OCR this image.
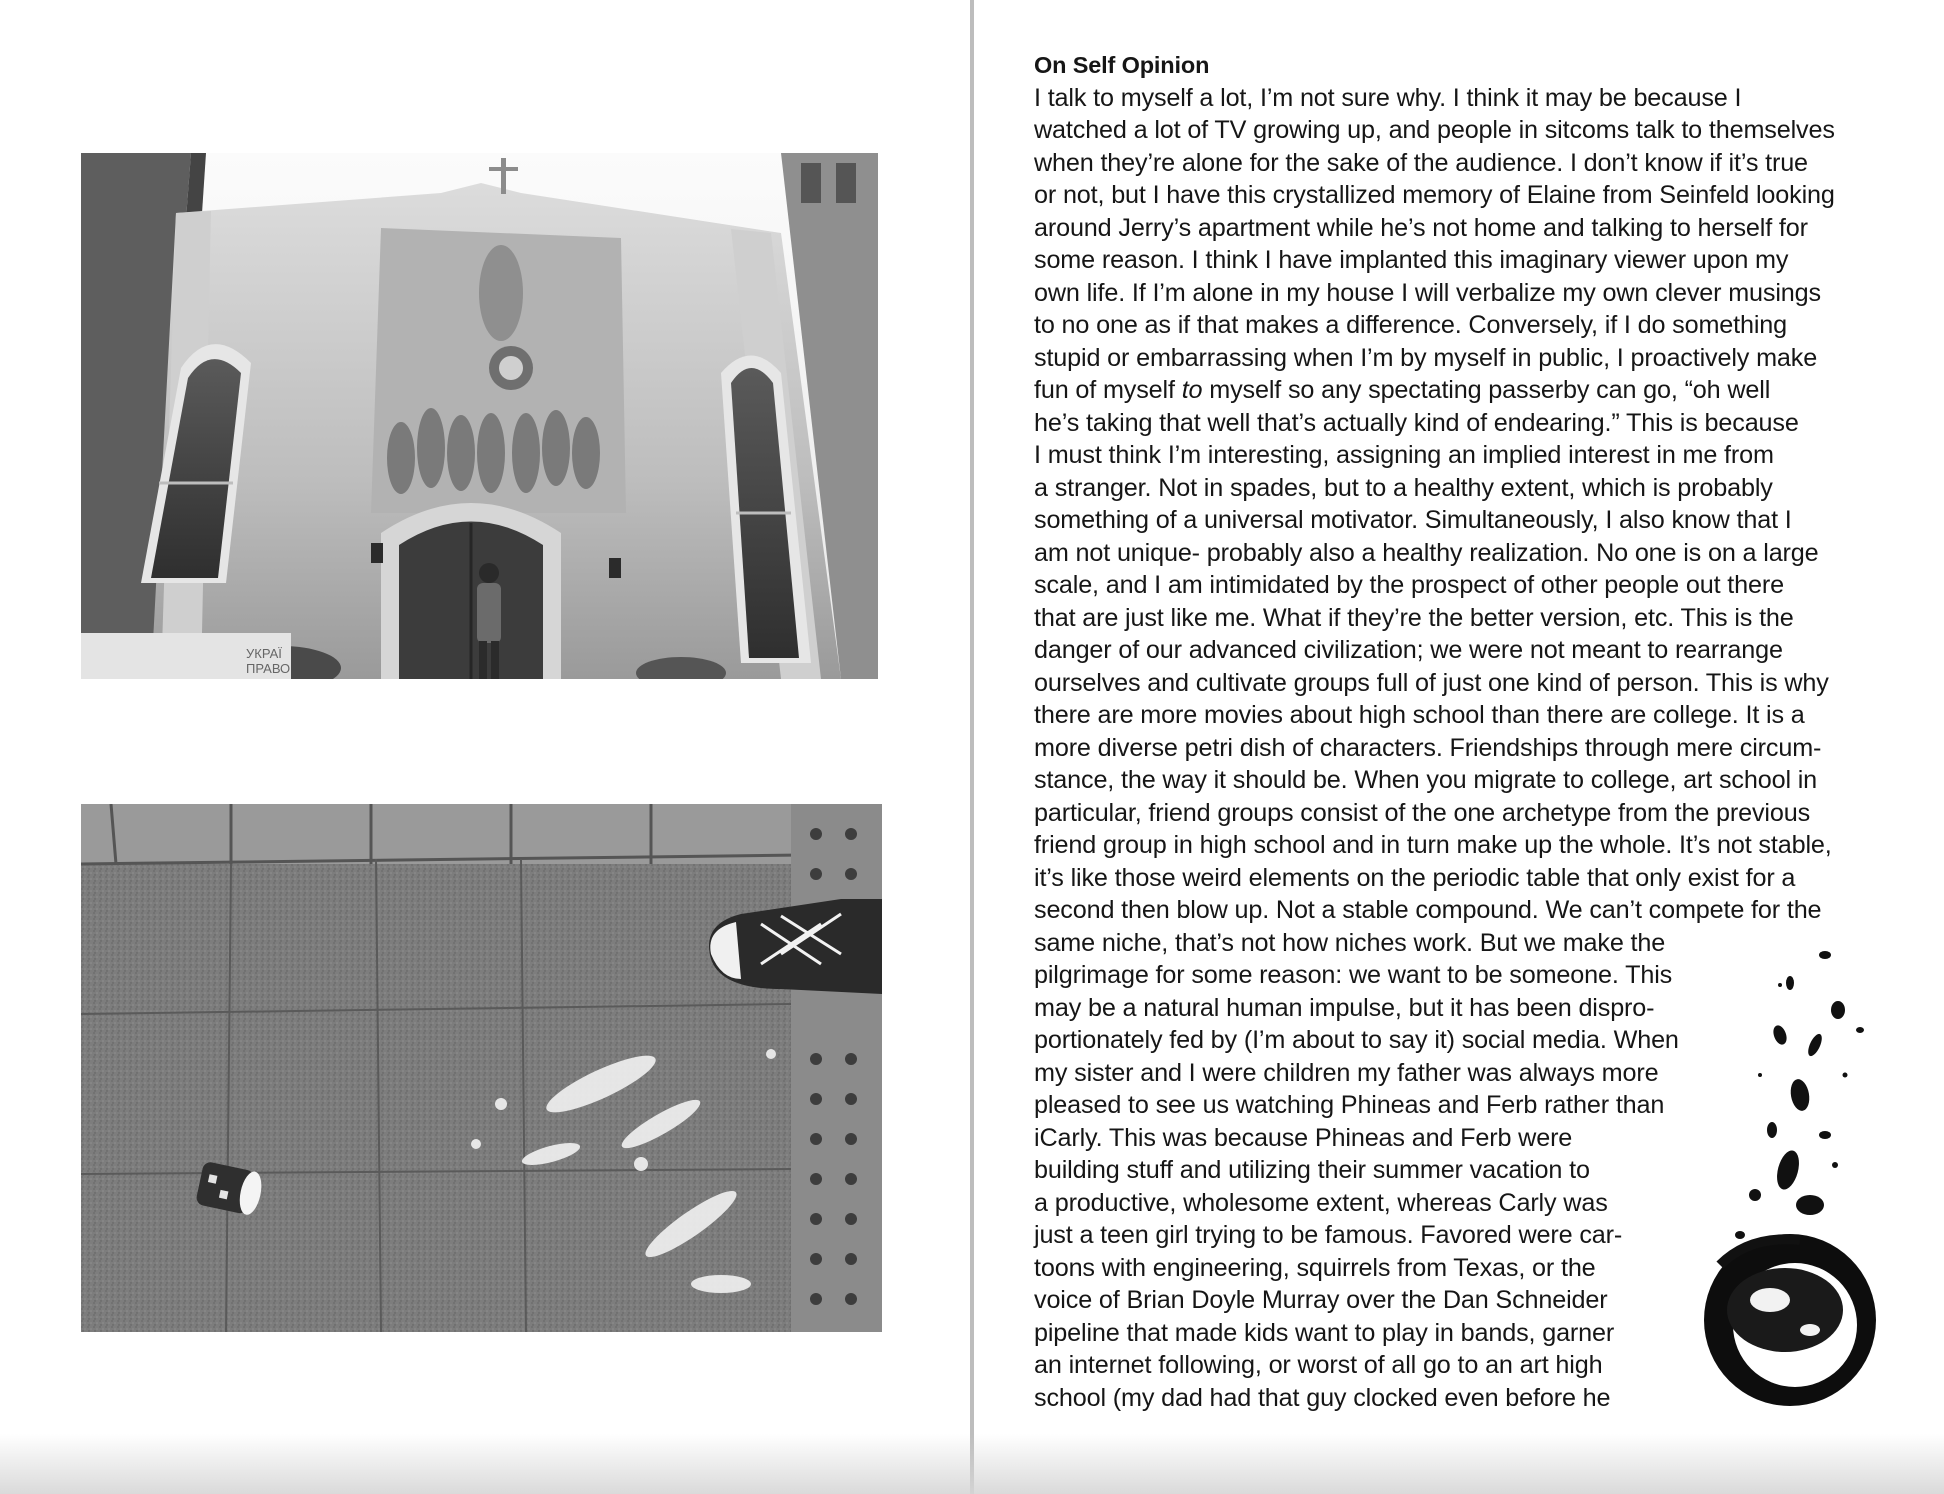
УКРАЇ
ПРАВО
On Self Opinion
I talk to myself a lot, I’m not sure why. I think it may be because I
watched a lot of TV growing up, and people in sitcoms talk to themselves
when they’re alone for the sake of the audience. I don’t know if it’s true
or not, but I have this crystallized memory of Elaine from Seinfeld looking
around Jerry’s apartment while he’s not home and talking to herself for
some reason. I think I have implanted this imaginary viewer upon my
own life. If I’m alone in my house I will verbalize my own clever musings
to no one as if that makes a difference. Conversely, if I do something
stupid or embarrassing when I’m by myself in public, I proactively make
fun of myself to myself so any spectating passerby can go, “oh well
he’s taking that well that’s actually kind of endearing.” This is because
I must think I’m interesting, assigning an implied interest in me from
a stranger. Not in spades, but to a healthy extent, which is probably
something of a universal motivator. Simultaneously, I also know that I
am not unique- probably also a healthy realization. No one is on a large
scale, and I am intimidated by the prospect of other people out there
that are just like me. What if they’re the better version, etc. This is the
danger of our advanced civilization; we were not meant to rearrange
ourselves and cultivate groups full of just one kind of person. This is why
there are more movies about high school than there are college. It is a
more diverse petri dish of characters. Friendships through mere circum-
stance, the way it should be. When you migrate to college, art school in
particular, friend groups consist of the one archetype from the previous
friend group in high school and in turn make up the whole. It’s not stable,
it’s like those weird elements on the periodic table that only exist for a
second then blow up. Not a stable compound. We can’t compete for the
same niche, that’s not how niches work. But we make the
pilgrimage for some reason: we want to be someone. This
may be a natural human impulse, but it has been dispro-
portionately fed by (I’m about to say it) social media. When
my sister and I were children my father was always more
pleased to see us watching Phineas and Ferb rather than
iCarly. This was because Phineas and Ferb were
building stuff and utilizing their summer vacation to
a productive, wholesome extent, whereas Carly was
just a teen girl trying to be famous. Favored were car-
toons with engineering, squirrels from Texas, or the
voice of Brian Doyle Murray over the Dan Schneider
pipeline that made kids want to play in bands, garner
an internet following, or worst of all go to an art high
school (my dad had that guy clocked even before he
